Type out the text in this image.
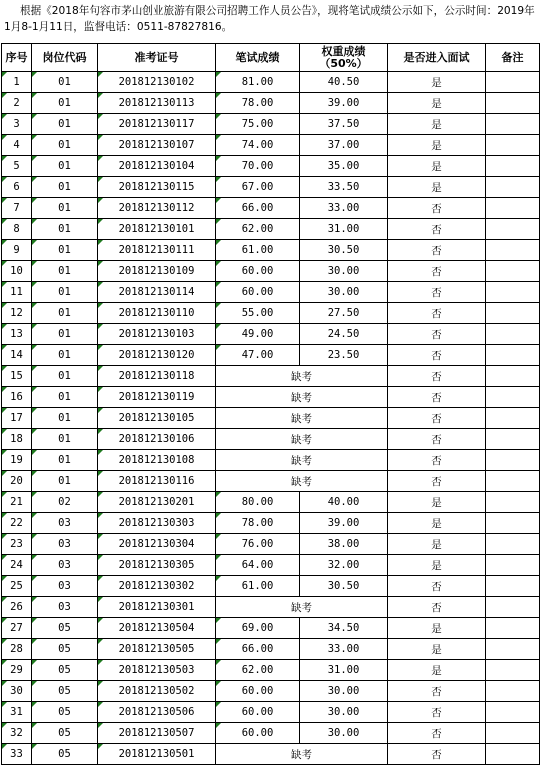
根据《2018年句容市茅山创业旅游有限公司招聘工作人员公告》，现将笔试成绩公示如下，公示时间：2019年1月8-1月11日，监督电话：0511-87827816。
序号	岗位代码	准考证号	笔试成绩	权重成绩
（50%）	是否进入面试	备注
1	01	201812130102	81.00	40.50	是	
2	01	201812130113	78.00	39.00	是	
3	01	201812130117	75.00	37.50	是	
4	01	201812130107	74.00	37.00	是	
5	01	201812130104	70.00	35.00	是	
6	01	201812130115	67.00	33.50	是	
7	01	201812130112	66.00	33.00	否	
8	01	201812130101	62.00	31.00	否	
9	01	201812130111	61.00	30.50	否	
10	01	201812130109	60.00	30.00	否	
11	01	201812130114	60.00	30.00	否	
12	01	201812130110	55.00	27.50	否	
13	01	201812130103	49.00	24.50	否	
14	01	201812130120	47.00	23.50	否	
15	01	201812130118	缺考		否	
16	01	201812130119	缺考		否	
17	01	201812130105	缺考		否	
18	01	201812130106	缺考		否	
19	01	201812130108	缺考		否	
20	01	201812130116	缺考		否	
21	02	201812130201	80.00	40.00	是	
22	03	201812130303	78.00	39.00	是	
23	03	201812130304	76.00	38.00	是	
24	03	201812130305	64.00	32.00	是	
25	03	201812130302	61.00	30.50	否	
26	03	201812130301	缺考		否	
27	05	201812130504	69.00	34.50	是	
28	05	201812130505	66.00	33.00	是	
29	05	201812130503	62.00	31.00	是	
30	05	201812130502	60.00	30.00	否	
31	05	201812130506	60.00	30.00	否	
32	05	201812130507	60.00	30.00	否	
33	05	201812130501	缺考		否	
